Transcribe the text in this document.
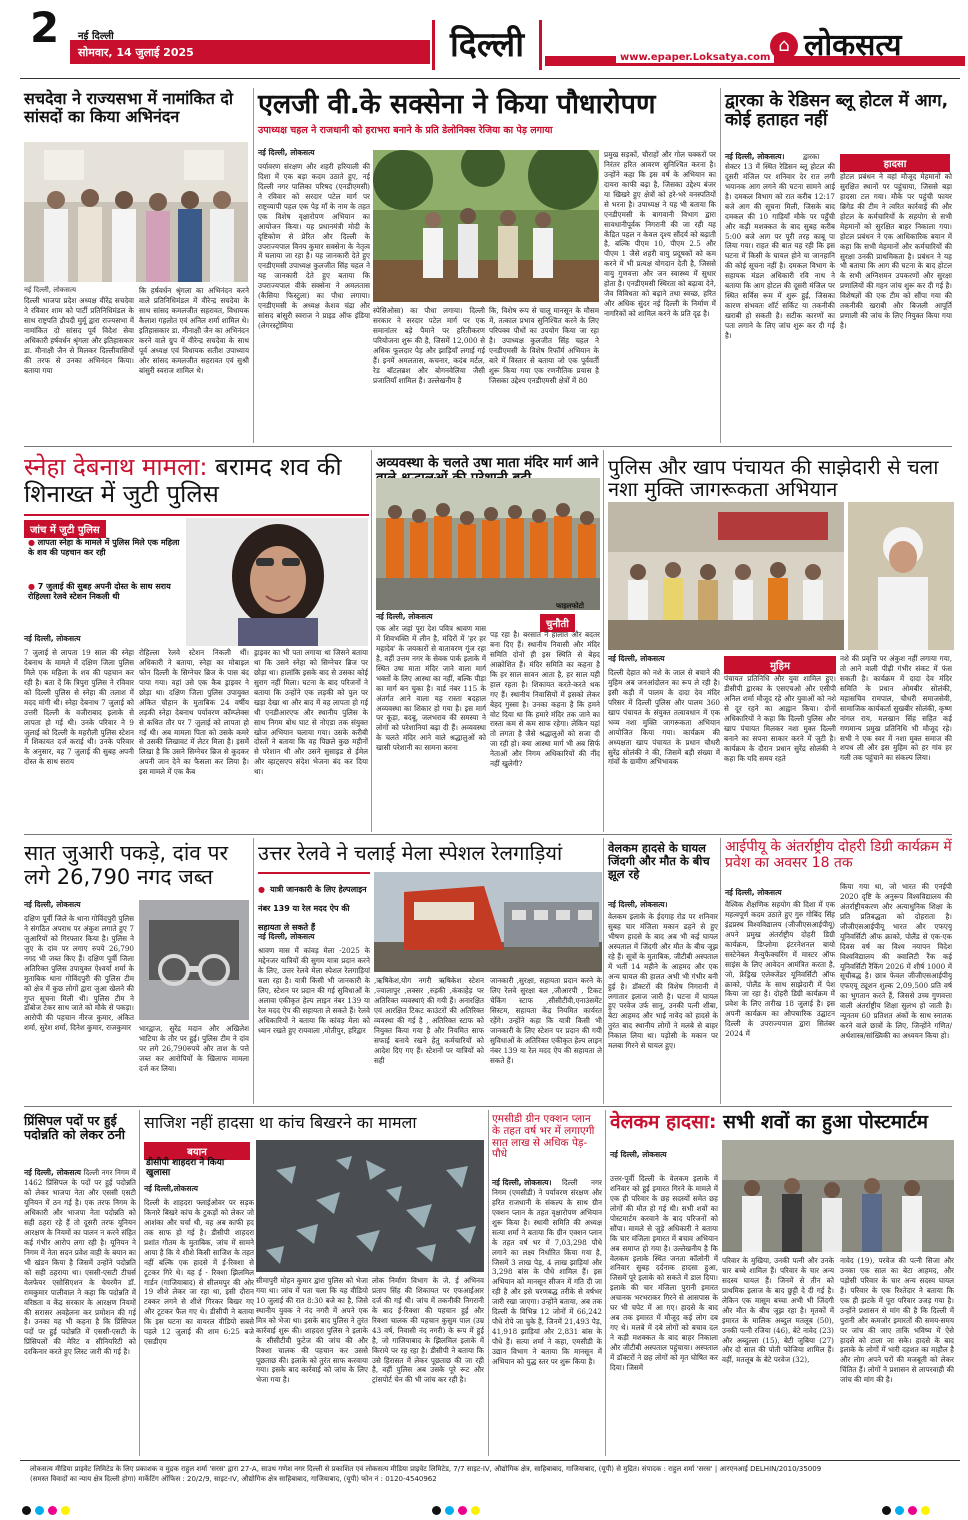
2	नई दिल्ली
सोमवार, 14 जुलाई 2025	दिल्ली	www.epaper.Loksatya.com
⌂ लोकसत्य
सचदेवा ने राज्यसभा में नामांकित दो सांसदों का किया अभिनंदन
नई दिल्ली, लोकसत्य
दिल्ली भाजपा प्रदेश अध्यक्ष वीरेंद्र सचदेवा ने रविवार शाम को पार्टी प्रतिनिधिमंडल के साथ राष्ट्रपति द्रौपदी मुर्मू द्वारा राज्यसभा में नामांकित दो सांसद पूर्व विदेश सेवा अधिकारी हर्षवर्धन श्रृंगला और इतिहासकार डा. मीनाक्षी जैन से मिलकर दिल्लीवासियों की तरफ से उनका अभिनंदन किया। बताया गया
कि हर्षवर्धन श्रृंगला का अभिनंदन करने वाले प्रतिनिधिमंडल में वीरेन्द्र सचदेवा के साथ सांसद कमलजीत सहरावत, विधायक कैलाश गहलोत एवं अनिल शर्मा शामिल थे। इतिहासकार डा. मीनाक्षी जैन का अभिनंदन करने वाले ग्रुप में वीरेन्द्र सचदेवा के साथ पूर्व अध्यक्ष एवं विधायक सतीश उपाध्याय और सांसद कमलजीत सहरावत एवं सुश्री बांसुरी स्वराज शामिल थे।
एलजी वी.के सक्सेना ने किया पौधारोपण
उपाध्यक्ष चहल ने राजधानी को हराभरा बनाने के प्रति डेलोनिक्स रेजिया का पेड़ लगाया
नई दिल्ली, लोकसत्य
पर्यावरण संरक्षण और शहरी हरियाली की दिशा में एक बड़ा कदम उठाते हुए, नई दिल्ली नगर पालिका परिषद (एनडीएमसी) ने रविवार को सरदार पटेल मार्ग पर राष्ट्रव्यापी पहल एक पेड़ माँ के नाम के तहत एक विशेष वृक्षारोपण अभियान का आयोजन किया। यह प्रधानमंत्री मोदी के दृष्टिकोण से प्रेरित और दिल्ली के उपराज्यपाल विनय कुमार सक्सेना के नेतृत्व में चलाया जा रहा है। यह जानकारी देते हुए एनडीएमसी उपाध्यक्ष कुलजीत सिंह चहल ने यह जानकारी देते हुए बताया कि उपराज्यपाल वीके सक्सेना ने अमलतास (कैसिया फिस्टुला) का पौधा लगाया। एनडीएमसी के अध्यक्ष केशव चंद्रा और सांसद बांसुरी स्वराज ने प्राइड ऑफ इंडिया (लेगरस्ट्रोमिया
स्पेसिओसा) का पौधा लगाया। दिल्ली सरकार ने सरदार पटेल मार्ग पर एक समानांतर बड़े पैमाने पर हरितीकरण परियोजना शुरू की है, जिसमें 12,000 से अधिक फूलदार पेड़ और झाड़ियाँ लगाई गई हैं। इनमें अमलतास, कचनार, कदंब मर्टल, रेड बॉटलब्रश और बोगनवेलिया जैसी प्रजातियाँ शामिल हैं। उल्लेखनीय है
कि, विशेष रूप से चालू मानसून के मौसम में, तत्काल प्रभाव सुनिश्चित करने के लिए परिपक्व पौधों का उपयोग किया जा रहा है। उपाध्यक्ष कुलजीत सिंह चहल ने एनडीएमसी के विशेष रिफॉर्म अभियान के बारे में विस्तार से बताया जो एक पूर्ववर्ती शुरू किया गया एक रणनीतिक प्रयास है जिसका उद्देश्य एनडीएमसी क्षेत्रों में 80
प्रमुख सड़कों, चौराहों और गोल चक्करों पर निरंतर हरित आवरण सुनिश्चित करना है। उन्होंने कहा कि इस वर्ष के अभियान का दायरा काफी बढ़ा है, जिसका उद्देश्य बंजर या खिखरे हुए क्षेत्रों को हरे-भरे वनस्पतियों से भरना है। उपाध्यक्ष ने यह भी बताया कि एनडीएमसी के बागवानी विभाग द्वारा सावधानीपूर्वक निगरानी की जा रही यह केंद्रित पहल न केवल दृश्य सौंदर्य को बढ़ाती है, बल्कि पीएम 10, पीएम 2.5 और पीएम 1 जैसे शहरी वायु प्रदूषकों को कम करने में भी प्रत्यक्ष योगदान देती है, जिससे वायु गुणवत्ता और जन स्वास्थ्य में सुधार होता है। एनडीएमसी स्थिरता को बढ़ावा देने, जैव विविधता को बढ़ाने तथा स्वच्छ, हरित और अधिक सुंदर नई दिल्ली के निर्माण में नागरिकों को शामिल करने के प्रति दृढ़ है।
द्वारका के रेडिसन ब्लू होटल में आग, कोई हताहत नहीं
नई दिल्ली, लोकसत्य।	द्वारका सेक्टर 13 में स्थित रेडिसन ब्लू होटल की दूसरी मंजिल पर शनिवार देर रात लगी भयानक आग लगने की घटना सामने आई है। दमकल विभाग को रात करीब 12:17 बजे आग की सूचना मिली, जिसके बाद दमकल की 10 गाड़ियाँ मौके पर पहुँची और कड़ी मशक्कत के बाद सुबह करीब 5:00 बजे आग पर पूरी तरह काबू पा लिया गया। राहत की बात यह रही कि इस घटना में किसी के घायल होने या जानहानि की कोई सूचना नहीं है। दमकल विभाग के सहायक मंडल अधिकारी रवि नाथ ने बताया कि आग होटल की दूसरी मंजिल पर स्थित सर्विस रूम में शुरू हुई, जिसका कारण संभवतः शॉर्ट सर्किट या तकनीकी खराबी हो सकती है। सटीक कारणों का पता लगाने के लिए जांच शुरू कर दी गई है।
हादसा
होटल प्रबंधन ने वहां मौजूद मेहमानों को सुरक्षित स्थानों पर पहुंचाया, जिससे बड़ा हादसा टल गया। मौके पर पहुंची फायर ब्रिगेड की टीम ने त्वरित कार्रवाई की और होटल के कर्मचारियों के सहयोग से सभी मेहमानों को सुरक्षित बाहर निकाला गया। होटल प्रबंधन ने एक आधिकारिक बयान में कहा कि सभी मेहमानों और कर्मचारियों की सुरक्षा उनकी प्राथमिकता है। प्रबंधन ने यह भी बताया कि आग की घटना के बाद होटल के सभी अग्निशमन उपकरणों और सुरक्षा प्रणालियों की गहन जांच शुरू कर दी गई है। विशेषज्ञों की एक टीम को सौंपा गया की तकनीकी खराबी और बिजली आपूर्ति प्रणाली की जांच के लिए नियुक्त किया गया है।
स्नेहा देबनाथ मामला: बरामद शव की शिनाख्त में जुटी पुलिस
जांच में जुटी पुलिस
● लापता स्नेहा के मामले में पुलिस मिले एक महिला के शव की पहचान कर रही
● 7 जुलाई की सुबह अपनी दोस्त के साथ सराय रोहिल्ला रेलवे स्टेशन निकली थी
नई दिल्ली, लोकसत्य
7 जुलाई से लापता 19 साल की स्नेहा देबनाथ के मामले में दक्षिण जिला पुलिस मिले एक महिला के शव की पहचान कर रही है। बता दें कि त्रिपुरा पुलिस ने रविवार को दिल्ली पुलिस से स्नेहा की तलाश में मदद मांगी थी। स्नेहा देबनाथ 7 जुलाई को उत्तरी दिल्ली के वजीराबाद इलाके से लापता हो गई थी। उनके परिवार ने 9 जुलाई को दिल्ली के महरौली पुलिस स्टेशन में शिकायत दर्ज कराई थी। उनके परिवार के अनुसार, वह 7 जुलाई की सुबह अपनी दोस्त के साथ सराय
रोहिल्ला रेलवे स्टेशन निकली थीं। अधिकारी ने बताया, स्नेहा का मोबाइल फोन दिल्ली के सिग्नेचर ब्रिज के पास बंद पाया गया। वहां उसे एक कैब ड्राइवर ने छोड़ा था। दक्षिण जिला पुलिस उपायुक्त अंकित चौहान के मुताबिक 24 वर्षीय लड़की स्नेहा देबनाथ पर्यावरण कॉम्प्लेक्स से कथित तौर पर 7 जुलाई को लापता हो गई थी। अब मामला पिता को उसके कमरे से उसकी लिखावट में लेटर मिला है। इसमें लिखा है कि उसने सिग्नेचर ब्रिज से कूदकर अपनी जान देने का फैसला कर लिया है। इस मामले में एक कैब
ड्राइवर का भी पता लगाया था जिसने बताया था कि उसने स्नेहा को सिग्नेचर ब्रिज पर छोड़ा था। हालांकि इसके बाद से उसका कोई सुराग नहीं मिला। घटना के बाद परिजनों ने बताया कि उन्होंने एक लड़की को पुल पर खड़ा देखा था और बाद में वह लापता हो गई थी एनडीआरएफ और स्थानीय पुलिस के साथ निगम बोध घाट से नोएडा तक संयुक्त खोज अभियान चलाया गया। उसके करीबी दोस्तों ने बताया कि वह पिछले कुछ महीनों से परेशान थी और उसने सुसाइड से ईमेल और व्हाट्सएप संदेश भेजना बंद कर दिया था।
अव्यवस्था के चलते उषा माता मंदिर मार्ग आने
फाइलफोटो
नई दिल्ली, लोकसत्य
चुनौती
एक ओर जहां पूरा देश पवित्र श्रावण मास में शिवभक्ति में लीन है, मंदिरों में 'हर हर महादेव' के जयकारों से वातावरण गूंज रहा है, वहीं उत्तम नगर के सेवक पार्क इलाके में स्थित उषा माता मंदिर जाने वाला मार्ग भक्तों के लिए आस्था का नहीं, बल्कि पीड़ा का मार्ग बन चुका है। वार्ड नंबर 115 के अंतर्गत आने वाला यह रास्ता बदहाल अव्यवस्था का शिकार हो गया है। इस मार्ग पर कूड़ा, बदबू, जलभराव की समस्या ने लोगों को परेशानियां बढ़ा दी हैं। अव्यवस्था के चलते मंदिर आने वाले श्रद्धालुओं को खासी परेशानी का सामना करना
पड़ रहा है। बरसात ने हालात और बदतर बना दिए हैं। स्थानीय निवासी और मंदिर समिति दोनों ही इस स्थिति से बेहद आक्रोशित हैं। मंदिर समिति का कहना है कि हर साल सावन आता है, हर साल यही हाल रहता है। शिकायत करते-करते थक गए हैं। स्थानीय निवासियों में इसको लेकर बेहद गुस्सा है। उनका कहना है कि हमने वोट दिया था कि हमारे मंदिर तक जाने का रास्ता कम से कम साफ रहेगा। लेकिन यहां तो लगता है जैसे श्रद्धालुओं को सजा दी जा रही हो। क्या आस्था मार्ग भी अब सिर्फ नेताओं और निगम अधिकारियों की नींद नहीं खुलेगी?
पुलिस और खाप पंचायत की साझेदारी से चला नशा मुक्ति जागरूकता अभियान
नई दिल्ली, लोकसत्य
दिल्ली देहात को नशे के जाल से बचाने की मुहिम अब जनआंदोलन का रूप ले रही है। इसी कड़ी में पालम के दादा देव मंदिर परिसर में दिल्ली पुलिस और पालम 360 खाप पंचायत के संयुक्त तत्वावधान में एक भव्य नशा मुक्ति जागरूकता अभियान आयोजित किया गया। कार्यक्रम की अध्यक्षता खाप पंचायत के प्रधान चौधरी सुरेंद्र सोलंकी ने की, जिसमें बड़ी संख्या में गांवों के ग्रामीण अभिभावक
मुहिम
पंचायत प्रतिनिधि और युवा शामिल हुए। डीसीपी द्वारका के एसएचओ और एसीपी अनिल शर्मा मौजूद रहे और युवाओं को नशे से दूर रहने का आह्वान किया। दोनों अधिकारियों ने कहा कि दिल्ली पुलिस और खाप पंचायत मिलकर नशा मुक्त दिल्ली बनाने का सपना साकार करने में जुटी है। कार्यक्रम के दौरान प्रधान सुरेंद्र सोलंकी ने कहा कि यदि समय रहते
नशे की प्रवृत्ति पर अंकुश नहीं लगाया गया, तो आने वाली पीढ़ी गंभीर संकट में फंस सकती है। कार्यक्रम में दादा देव मंदिर समिति के प्रधान ओमबीर सोलंकी, महासचिव रामपाल, चौधरी समाजसेवी, सामाजिक कार्यकर्ता सुखबीर सोलंकी, कृष्ण नांगल राय, मलखान सिंह सहित कई गणमान्य प्रमुख प्रतिनिधि भी मौजूद रहे। सभी ने एक स्वर में नशा मुक्त समाज की शपथ ली और इस मुहिम को हर गांव हर गली तक पहुंचाने का संकल्प लिया।
सात जुआरी पकड़े, दांव पर लगे 26,790 नगद जब्त
नई दिल्ली, लोकसत्य
दक्षिण पूर्वी जिले के थाना गोविंदपुरी पुलिस ने संगठित अपराध पर अंकुश लगाते हुए 7 जुआरियों को गिरफ्तार किया है। पुलिस ने जुए के दांव पर लगाए रुपये 26,790 नगद भी जब्त किए हैं। दक्षिण पूर्वी जिला अतिरिक्त पुलिस उपायुक्त ऐश्वर्या शर्मा के मुताबिक थाना गोविंदपुरी की पुलिस टीम को क्षेत्र में कुछ लोगों द्वारा जुआ खेलने की गुप्त सूचना मिली थी। पुलिस टीम ने डॉबोज टेकर साथ जाते को मौके से पकड़ा। आरोपी की पहचान नीरज कुमार, अंकित शर्मा, सुरेश शर्मा, दिनेश कुमार, राजकुमार	भारद्वाज, सुरेंद्र मदान और अखिलेश भाटिया के तौर पर हुई। पुलिस टीम ने दांव पर लगे 26,790रुपये और ताश के पत्ते जब्त कर आरोपियों के खिलाफ मामला दर्ज कर लिया।
उत्तर रेलवे ने चलाई मेला स्पेशल रेलगाड़ियां
● यात्री जानकारी के लिए हेल्पलाइन नंबर 139 या रेल मदद ऐप की सहायता ले सकते हैं
नई दिल्ली, लोकसत्य
श्रावण मास में कांवड़ मेला -2025 के मद्देनजर यात्रियों की सुगम यात्रा प्रदान करने के लिए, उत्तर रेलवे मेला स्पेशल रेलगाड़ियां चला रहा है। यात्री किसी भी जानकारी के लिए, स्टेशन पर प्रदान की गई सुविधाओं के अलावा एकीकृत हेल्प लाइन नंबर 139 या रेल मदद ऐप की सहायता ले सकते हैं। रेलवे अधिकारियों ने बताया कि कांवड़ मेला को ध्यान रखते हुए रायवाला ,मोतीपुर, हरिद्वार
,ऋषिकेश,योग नगरी ऋषिकेश स्टेशन ,ज्वालापुर ,लक्सर ,रुड़की ,कंकाहेड़ पर अतिरिक्त व्यवस्थाएं की गयी हैं। अनारक्षित एवं आरक्षित टिकट काउंटरों की अतिरिक्त व्यवस्था की गई है , अतिरिक्त स्टाफ को नियुक्त किया गया है और नियमित साफ सफाई बनाये रखने हेतु कर्मचारियों को आदेश दिए गए हैं। स्टेशनों पर यात्रियों को सही
जानकारी ,सुरक्षा, सहायता प्रदान करने के लिए रेलवे सुरक्षा बल ,जीआरपी , टिकट चेकिंग स्टाफ ,सीसीटीवी,एनाउंसमेंट सिस्टम, सहायता केंद्र नियमित कार्यरत रहेंगे। उन्होंने कहा कि यात्री किसी भी जानकारी के लिए स्टेशन पर प्रदान की गयी सुविधाओं के अतिरिक्त एकीकृत हेल्प लाइन नंबर 139 या रेल मदद ऐप की सहायता ले सकते हैं।
वेलकम हादसे के घायल जिंदगी और मौत के बीच झूल रहे
नई दिल्ली, लोकसत्य।
वेलकम इलाके के ईदगाह रोड पर शनिवार सुबह चार मंजिला मकान ढहने से हुए भीषण हादसे के बाद अब भी कई घायल अस्पताल में जिंदगी और मौत के बीच जूझ रहे हैं। सूत्रों के मुताबिक, जीटीबी अस्पताल में भर्ती 14 महीने के आहमद और एक अन्य घायल की हालत अभी भी गंभीर बनी हुई है। डॉक्टरों की विशेष निगरानी में लगातार इलाज जारी है। घटना में घायल हुए परवेज उर्फ सानू, उनकी पत्नी शीबा, बेटा आहमद और भाई नावेद को हादसे के तुरंत बाद स्थानीय लोगों ने मलबे से बाहर निकाल लिया था। पड़ोसी के मकान पर मलबा गिरने से घायल हुए।
आईपीयू के अंतर्राष्ट्रीय दोहरी डिग्री कार्यक्रम में प्रवेश का अवसर 18 तक
नई दिल्ली, लोकसत्य
वैश्विक शैक्षणिक सहयोग की दिशा में एक महत्वपूर्ण कदम उठाते हुए गुरु गोबिंद सिंह इंद्रप्रस्थ विश्वविद्यालय (जीजीएसआईपीयू) अपने प्रमुख अंतर्राष्ट्रीय दोहरी डिग्री कार्यक्रम, डिप्लोमा इंटरनेशनल बायो सस्टेनेबल मैन्युफैक्चरिंग में मास्टर ऑफ साइंस के लिए आवेदन आमंत्रित करता है, जो, फ्रेंड्रिख एलेक्जेंडर यूनिवर्सिटी ऑफ क्राको, पोलैंड के साथ साझेदारी में पेश किया जा रहा है। दोहरी डिग्री कार्यक्रम में प्रवेश के लिए तारीख 18 जुलाई है। इस अपनी कार्यक्रम का औपचारिक उद्घाटन दिल्ली के उपराज्यपाल द्वारा सितंबर 2024 में
किया गया था, जो भारत की एनईपी 2020 दृष्टि के अनुरूप विश्वविद्यालय की अंतर्राष्ट्रीयकरण और अत्याधुनिक शिक्षा के प्रति प्रतिबद्धता को दोहराता है। जीजीएसआईपीयू भारत और एफएयू यूनिवर्सिटी ऑफ क्राको, पोलैंड से एक-एक दिवस वर्ष का विश्व नयापन विदेश विश्वविद्यालय की क्वालिटी रैंक कई यूनिवर्सिटी रैंकिंग 2026 में शीर्ष 1000 में सूचीबद्ध है। छात्र फेवल जीजीएसआईपीयू एफएयू ट्यूशन शुल्क 2,09,500 प्रति वर्ष का भुगतान करते हैं, जिससे उच्च गुणवत्ता वाली अंतर्राष्ट्रीय शिक्षा सुलभ हो जाती है। न्यूनतम 60 प्रतिशत अंकों के साथ स्नातक करने वाले छात्रों के लिए, जिन्होंने गणित/अर्थशास्त्र/सांख्यिकी का अध्ययन किया हो।
प्रिंसिपल पदों पर हुई पदोन्नति को लेकर ठनी
नई दिल्ली, लोकसत्य दिल्ली नगर निगम में 1462 प्रिंसिपल के पदों पर हुई पदोन्नति को लेकर भाजपा नेता और एससी एसटी यूनियन में ठन गई है। एक तरफ निगम के अधिकारी और भाजपा नेता पदोन्नति को सही ठहरा रहे हैं तो दूसरी तरफ यूनियन आरक्षण के नियमों का पालन न करने संहित कई गंभीर आरोप लगा रही है। यूनियन ने निगम में नेता सदन प्रवेश वाही के बयान का भी खंडन किया है जिसमें उन्होंने पदोन्नति को सही ठहराया था। एससी-एसटी टीचर्स वेलफेयर एसोसिएशन के चेयरमैन डॉ. रामकुमार पालीवाल ने कहा कि पदोन्नति में वरिष्ठता व केंद्र सरकार के आरक्षण नियमों की सरासर अवहेलना कर प्रमोशन की गई है। उनका यह भी कहना है कि प्रिंसिपल पदों पर हुई पदोन्नति में एससी-एसटी के प्रिंसिपलों की मेरिट व सीनियरिटी को दरकिनार करते हुए लिस्ट जारी की गई है।
साजिश नहीं हादसा था कांच बिखरने का मामला
बयान
डीसीपी शाहदरा ने किया खुलासा
नई दिल्ली,लोकसत्य
दिल्ली के शाहदरा फ्लाईओवर पर सड़क किनारे बिखरे कांच के टुकड़ों को लेकर जो आशंका और चर्चा थी, वह अब काफी हद तक साफ हो गई है। डीसीपी शाहदरा प्रशांत गौतम के मुताबिक, जांच में सामने आया है कि ये शीशे किसी साजिश के तहत नहीं बल्कि एक हादसे में ई-रिक्शा से टूटकर गिरे थे। यह ई - रिक्शा झिलमिल गार्डन (गाजियाबाद) से सीलमपुर की ओर 19 शीशे लेकर जा रहा था, इसी दौरान टक्कर लगने से शीशे गिरकर बिखर गए और टूटकर फैल गए थे। डीसीपी ने बताया कि इस घटना का वायरल वीडियो सबसे पहले 12 जुलाई की शाम 6:25 बजे एसडीएम
सीमापुरी मोहन कुमार द्वारा पुलिस को भेजा गया था। जांच में पता चला कि यह वीडियो 10 जुलाई की रात 8:30 बजे का है, जिसे स्थानीय युवक ने नंद नगरी में अपने एक मित्र को भेजा था। इसके बाद पुलिस ने तुरंत कार्रवाई शुरू की। शाहदरा पुलिस ने इलाके के सीसीटीवी फुटेज की जांच की और रिक्शा चालक की पहचान कर उससे पूछताछ की। इलाके को तुरंत साफ करवाया गया। इसके बाद कार्रवाई को जांच के लिए भेजा गया है।
लोक निर्माण विभाग के जे. ई अभिनव प्रताप सिंह की शिकायत पर एफआईआर दर्ज की गई थी। जांच में तकनीकी निगरानी के बाद ई-रिक्शा की पहचान हुई और रिक्शा चालक की पहचान कुसुम पाल (उम्र 43 वर्ष, निवासी नंद नगरी) के रूप में हुई है, जो गाजियाबाद के झिलमिल इलाके में किराये पर रह रहा है। डीसीपी ने बताया कि उसे हिरासत में लेकर पूछताछ की जा रही है, वहीं पुलिस अब उसके पूरे रूट और ट्रांसपोर्ट चेन की भी जांच कर रही है।
एमसीडी ग्रीन एक्शन प्लान के तहत वर्ष भर में लगाएगी सात लाख से अधिक पेड़-पौधे
नई दिल्ली, लोकसत्य।	दिल्ली नगर निगम (एमसीडी) ने पर्यावरण संरक्षण और हरित राजधानी के संकल्प के साथ ग्रीन एक्शन प्लान के तहत वृक्षारोपण अभियान शुरू किया है। स्थायी समिति की अध्यक्ष सत्या शर्मा ने बताया कि ग्रीन एक्शन प्लान के तहत वर्ष भर में 7,03,298 पौधे लगाने का लक्ष्य निर्धारित किया गया है, जिसमें 3 लाख पेड़, 4 लाख झाड़ियां और 3,298 बांस के पौधे शामिल हैं। इस अभियान को मानसून सीजन में गति दी जा रही है और इसे चरणबद्ध तरीके से वर्षभर जारी रखा जाएगा। उन्होंने बताया, अब तक दिल्ली के विभिन्न 12 जोनों में 66,242 पौधे रोपे जा चुके हैं, जिनमें 21,493 पेड़, 41,918 झाड़ियां और 2,831 बांस के पौधे हैं। सत्या शर्मा ने कहा, एमसीडी के उद्यान विभाग ने बताया कि मानसून में अभियान को युद्ध स्तर पर शुरू किया है।
वेलकम हादसा: सभी शवों का हुआ पोस्टमार्टम
नई दिल्ली, लोकसत्य
उत्तर-पूर्वी दिल्ली के वेलकम इलाके में शनिवार को हुई इमारत गिरने के मामले में एक ही परिवार के छह सदस्यों समेत छह लोगों की मौत हो गई थी। सभी शवों का पोस्टमार्टम करवाने के बाद परिजनों को सौंपा। मामले से जुड़े अधिकारी ने बताया कि चार मंजिला इमारत में बचाव अभियान अब समाप्त हो गया है। उल्लेखनीय है कि वेलकम इलाके स्थित जनता कॉलोनी में शनिवार सुबह दर्दनाक हादसा हुआ, जिसमें पूरे इलाके को सकते में डाल दिया। इलाके की चार मंजिला पुरानी इमारत अचानक भरभराकर गिरने से आसपास के घर भी चपेट में आ गए। हादसे के बाद अब तक इमारत में मौजूद कई लोग दब गए थे। मलबे में दबे लोगों को बचाव दल ने कड़ी मशक्कत के बाद बाहर निकाला और जीटीबी अस्पताल पहुंचाया। अस्पताल में डॉक्टरों ने छह लोगों को मृत घोषित कर दिया। जिसमें
परिवार के मुखिया, उनकी पत्नी और उनके चार बच्चे शामिल हैं। परिवार के चार अन्य सदस्य घायल हैं। जिनमें से तीन को प्राथमिक इलाज के बाद छुट्टी दे दी गई है। लेकिन एक मासूम बच्चा अभी भी जिंदगी और मौत के बीच जूझ रहा है। मृतकों में इमारत के मालिक अब्दुल मतलूब (50), उनकी पत्नी रजिया (46), बेटे नावेद (23) और अब्दुल्ला (15), बेटी जुबिया (27) और दो साल की पोती फोजिया शामिल हैं। वहीं, मतलूब के बेटे परवेज (32),
नावेद (19), परवेज की पत्नी सिजा और उनका एक साल का बेटा आहमद, और पड़ोसी परिवार के चार अन्य सदस्य घायल हैं। परिवार के एक रिश्तेदार ने बताया कि एक ही झटके में पूरा परिवार उजड़ गया है। उन्होंने प्रशासन से मांग की है कि दिल्ली में पुरानी और कमजोर इमारतों की समय-समय पर जांच की जाए ताकि भविष्य में ऐसे हादसे को टाला जा सके। हादसे के बाद इलाके के लोगों में भारी दहशत का माहौल है और लोग अपने घरों की मजबूती को लेकर चिंतित हैं। लोगों ने प्रशासन से लापरवाही की जांच की मांग की है।
लोकसत्य मीडिया प्राइवेट लिमिटेड के लिए प्रकाशक व मुद्रक राहुल शर्मा 'सरस' द्वारा 27-A, साउथ गणेश नगर दिल्ली से प्रकाशित एवं लोकसत्य मीडिया प्राइवेट लिमिटेड, 7/7 साइट-IV, औद्योगिक क्षेत्र, साहिबाबाद, गाजियाबाद, (यूपी) से मुद्रित। संपादक : राहुल शर्मा 'सरस' | आरएनआई DELHIN/2010/35009
(समस्त विवादों का न्याय क्षेत्र दिल्ली होगा) मार्केटिंग ऑफिस : 20/2/9, साइट-IV, औद्योगिक क्षेत्र साहिबाबाद, गाजियाबाद, (यूपी) फोन नं : 0120-4540962
